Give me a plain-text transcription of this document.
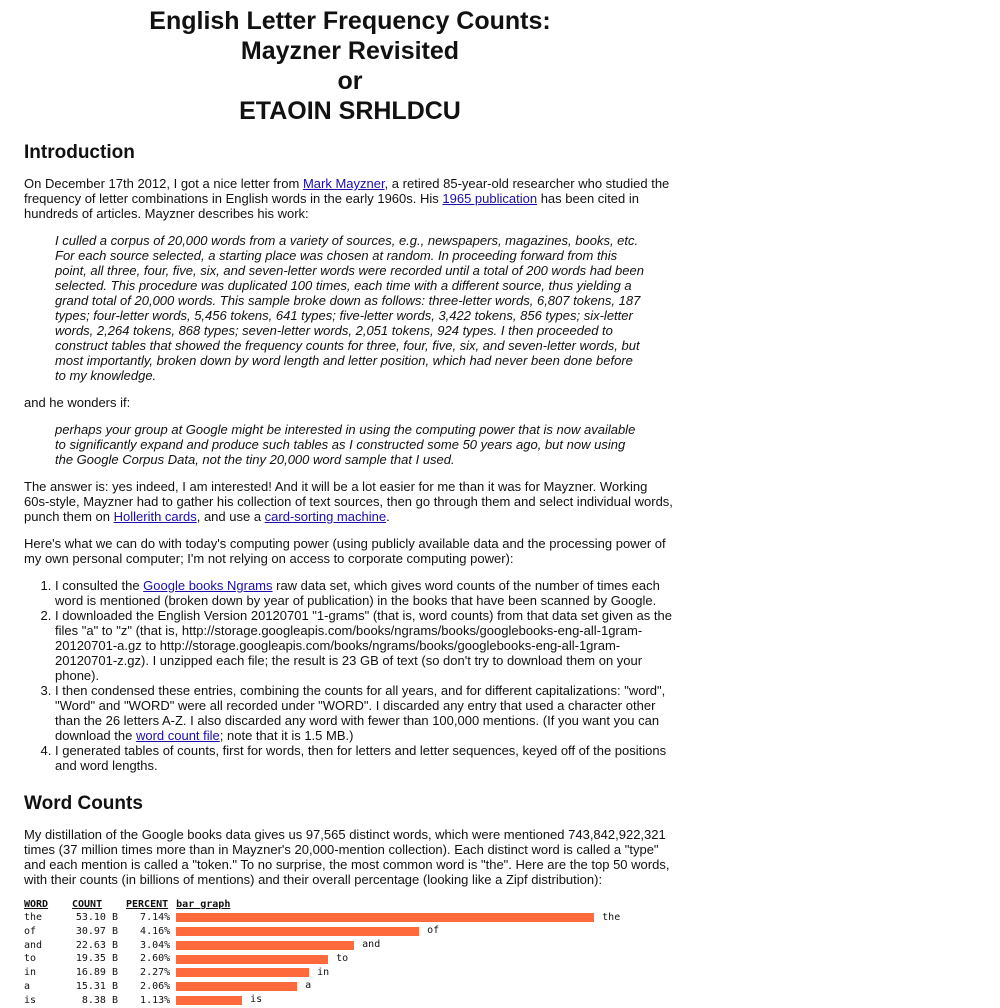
English Letter Frequency Counts:
Mayzner Revisited
or
ETAOIN SRHLDCU
Introduction

On December 17th 2012, I got a nice letter from Mark Mayzner, a retired 85-year-old researcher who studied the frequency of letter combinations in English words in the early 1960s. His 1965 publication has been cited in hundreds of articles. Mayzner describes his work:

I culled a corpus of 20,000 words from a variety of sources, e.g., newspapers, magazines, books, etc. For each source selected, a starting place was chosen at random. In proceeding forward from this point, all three, four, five, six, and seven-letter words were recorded until a total of 200 words had been selected. This procedure was duplicated 100 times, each time with a different source, thus yielding a grand total of 20,000 words. This sample broke down as follows: three-letter words, 6,807 tokens, 187 types; four-letter words, 5,456 tokens, 641 types; five-letter words, 3,422 tokens, 856 types; six-letter words, 2,264 tokens, 868 types; seven-letter words, 2,051 tokens, 924 types. I then proceeded to construct tables that showed the frequency counts for three, four, five, six, and seven-letter words, but most importantly, broken down by word length and letter position, which had never been done before to my knowledge.

and he wonders if:

perhaps your group at Google might be interested in using the computing power that is now available to significantly expand and produce such tables as I constructed some 50 years ago, but now using the Google Corpus Data, not the tiny 20,000 word sample that I used.

The answer is: yes indeed, I am interested! And it will be a lot easier for me than it was for Mayzner. Working 60s-style, Mayzner had to gather his collection of text sources, then go through them and select individual words, punch them on Hollerith cards, and use a card-sorting machine.

Here's what we can do with today's computing power (using publicly available data and the processing power of my own personal computer; I'm not relying on access to corporate computing power):

1. I consulted the Google books Ngrams raw data set, which gives word counts of the number of times each word is mentioned (broken down by year of publication) in the books that have been scanned by Google.
2. I downloaded the English Version 20120701 "1-grams" (that is, word counts) from that data set given as the files "a" to "z" (that is, http://storage.googleapis.com/books/ngrams/books/googlebooks-eng-all-1gram-20120701-a.gz to http://storage.googleapis.com/books/ngrams/books/googlebooks-eng-all-1gram-20120701-z.gz). I unzipped each file; the result is 23 GB of text (so don't try to download them on your phone).
3. I then condensed these entries, combining the counts for all years, and for different capitalizations: "word", "Word" and "WORD" were all recorded under "WORD". I discarded any entry that used a character other than the 26 letters A-Z. I also discarded any word with fewer than 100,000 mentions. (If you want you can download the word count file; note that it is 1.5 MB.)
4. I generated tables of counts, first for words, then for letters and letter sequences, keyed off of the positions and word lengths.
Word Counts

My distillation of the Google books data gives us 97,565 distinct words, which were mentioned 743,842,922,321 times (37 million times more than in Mayzner's 20,000-mention collection). Each distinct word is called a "type" and each mention is called a "token." To no surprise, the most common word is "the". Here are the top 50 words, with their counts (in billions of mentions) and their overall percentage (looking like a Zipf distribution):

WORD	COUNT	PERCENT	bar graph
the	53.10 B	7.14%	the
of	30.97 B	4.16%	of
and	22.63 B	3.04%	and
to	19.35 B	2.60%	to
in	16.89 B	2.27%	in
a	15.31 B	2.06%	a
is	8.38 B	1.13%	is
